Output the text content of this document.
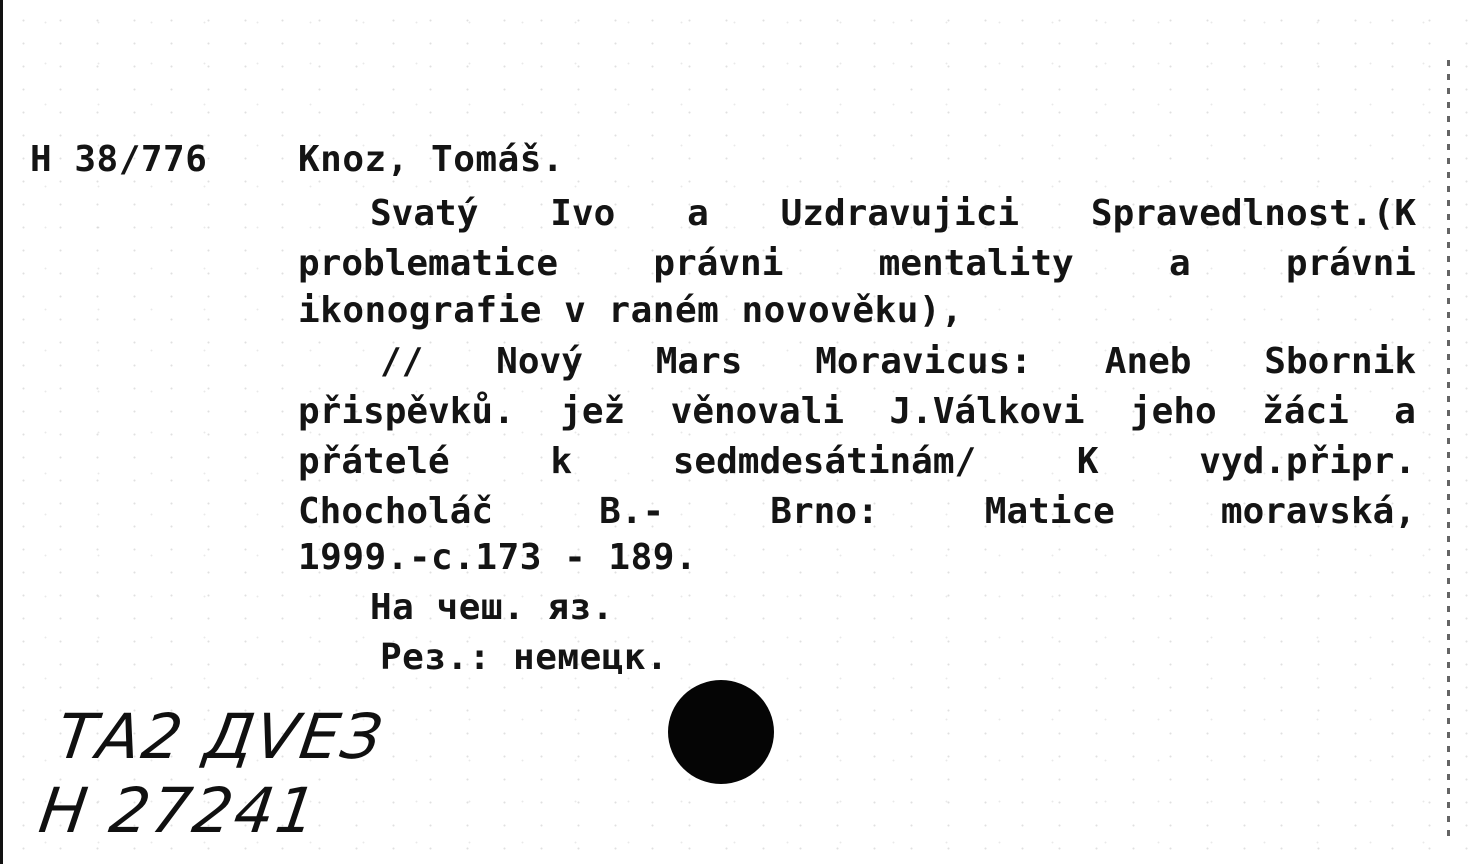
H 38/776	Knoz, Tomáš.
Svatý Ivo a Uzdravujici Spravedlnost.(K
problematice	právni	mentality	a	právni
ikonografie v raném novověku),
// Nový Mars Moravicus: Aneb Sbornik
přispěvků. jež věnovali J.Válkovi jeho žáci a
přátelé	k	sedmdesátinám/	K	vyd.připr.
Chocholáč	B.-	Brno:	Matice	moravská,
1999.-c.173 - 189.
На чеш. яз.
Рез.: немецк.
ТА2 ДVЕЗ
Н 27241
